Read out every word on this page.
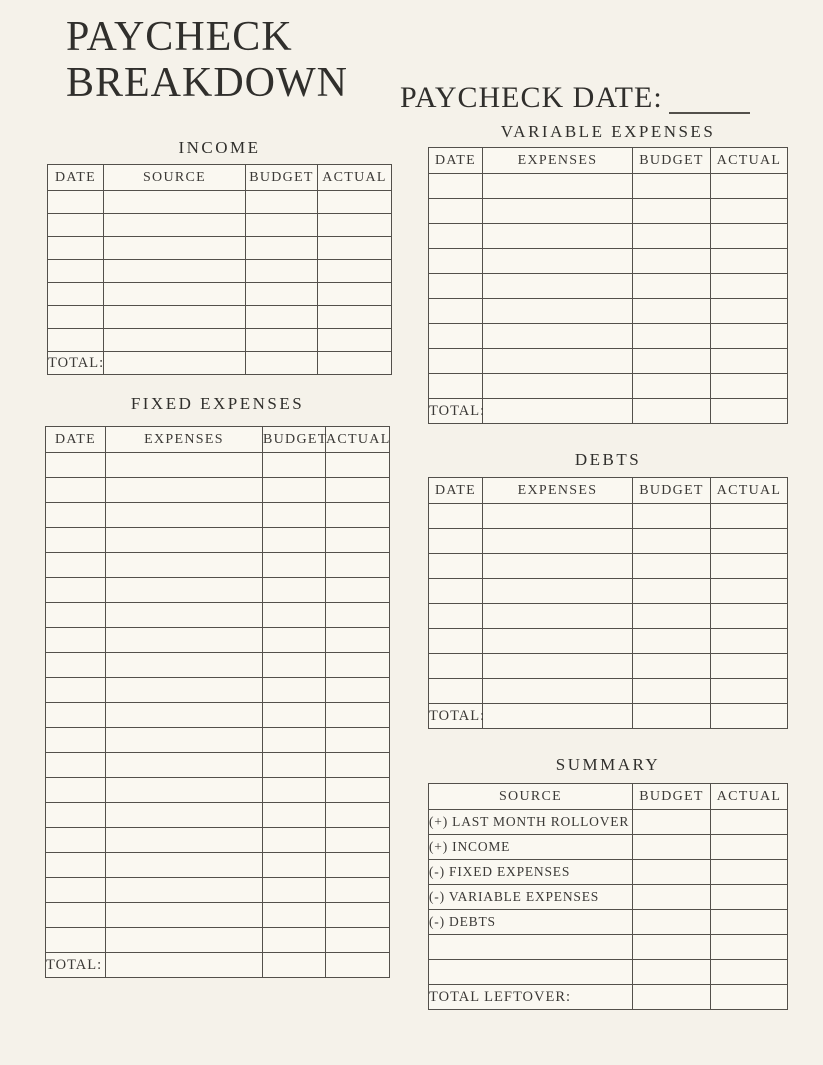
PAYCHECK
BREAKDOWN PAYCHECK DATE:
INCOME
DATE	SOURCE	BUDGET	ACTUAL

TOTAL:			
FIXED EXPENSES
DATE	EXPENSES	BUDGET	ACTUAL

TOTAL:			
VARIABLE EXPENSES
DATE	EXPENSES	BUDGET	ACTUAL

TOTAL:			
DEBTS
DATE	EXPENSES	BUDGET	ACTUAL

TOTAL:			
SUMMARY
SOURCE	BUDGET	ACTUAL
(+) LAST MONTH ROLLOVER		
(+) INCOME		
(-) FIXED EXPENSES		
(-) VARIABLE EXPENSES		
(-) DEBTS		

TOTAL LEFTOVER:		
